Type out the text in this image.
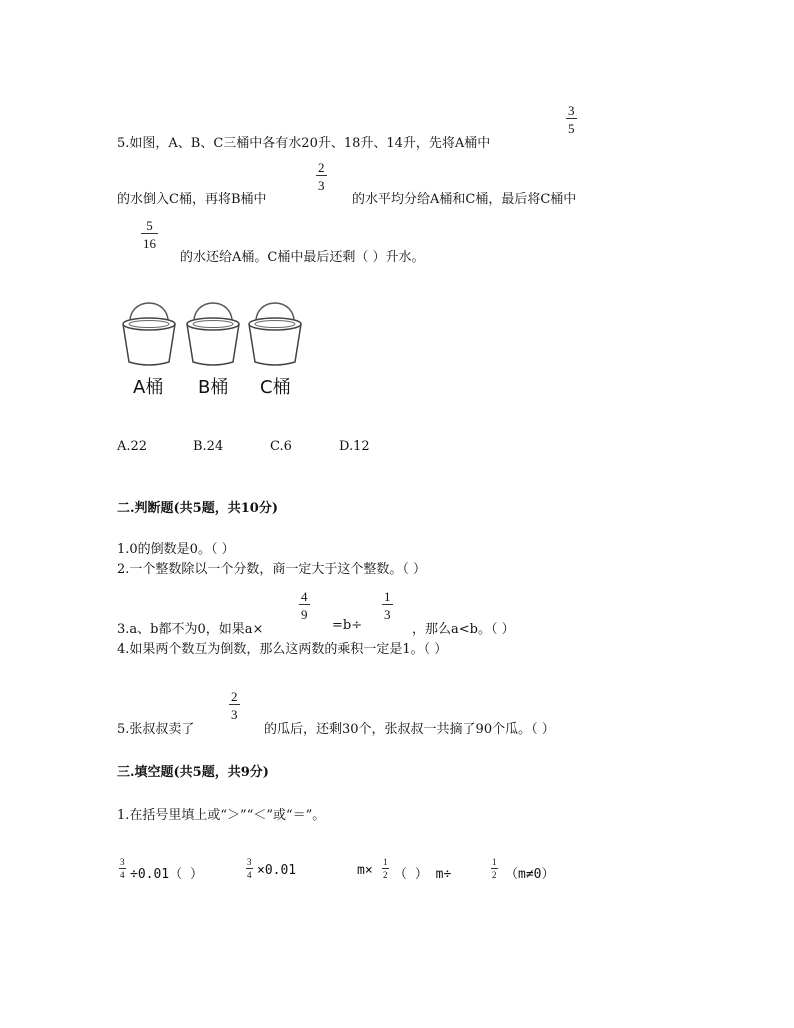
3
5
5.如图，A、B、C三桶中各有水20升、18升、14升，先将A桶中
的水倒入C桶，再将B桶中
2
3
的水平均分给A桶和C桶，最后将C桶中
5
16
的水还给A桶。C桶中最后还剩（ ）升水。
A桶 B桶 C桶
A.22	B.24	C.6	D.12
二.判断题(共5题，共10分)
1.0的倒数是0。（ ）
2.一个整数除以一个分数，商一定大于这个整数。（ ）
4
9
1
3
3.a、b都不为0，如果a×	=b÷	，那么a<b。（ ）
4.如果两个数互为倒数，那么这两数的乘积一定是1。（ ）
2
3
5.张叔叔卖了	的瓜后，还剩30个，张叔叔一共摘了90个瓜。（ ）
三.填空题(共5题，共9分)
1.在括号里填上或“＞”“＜”或“＝”。
3
4 ÷0.01（ ）
3
4 ×0.01	m×
1
2 （ ） m÷
1
2 （m≠0）
